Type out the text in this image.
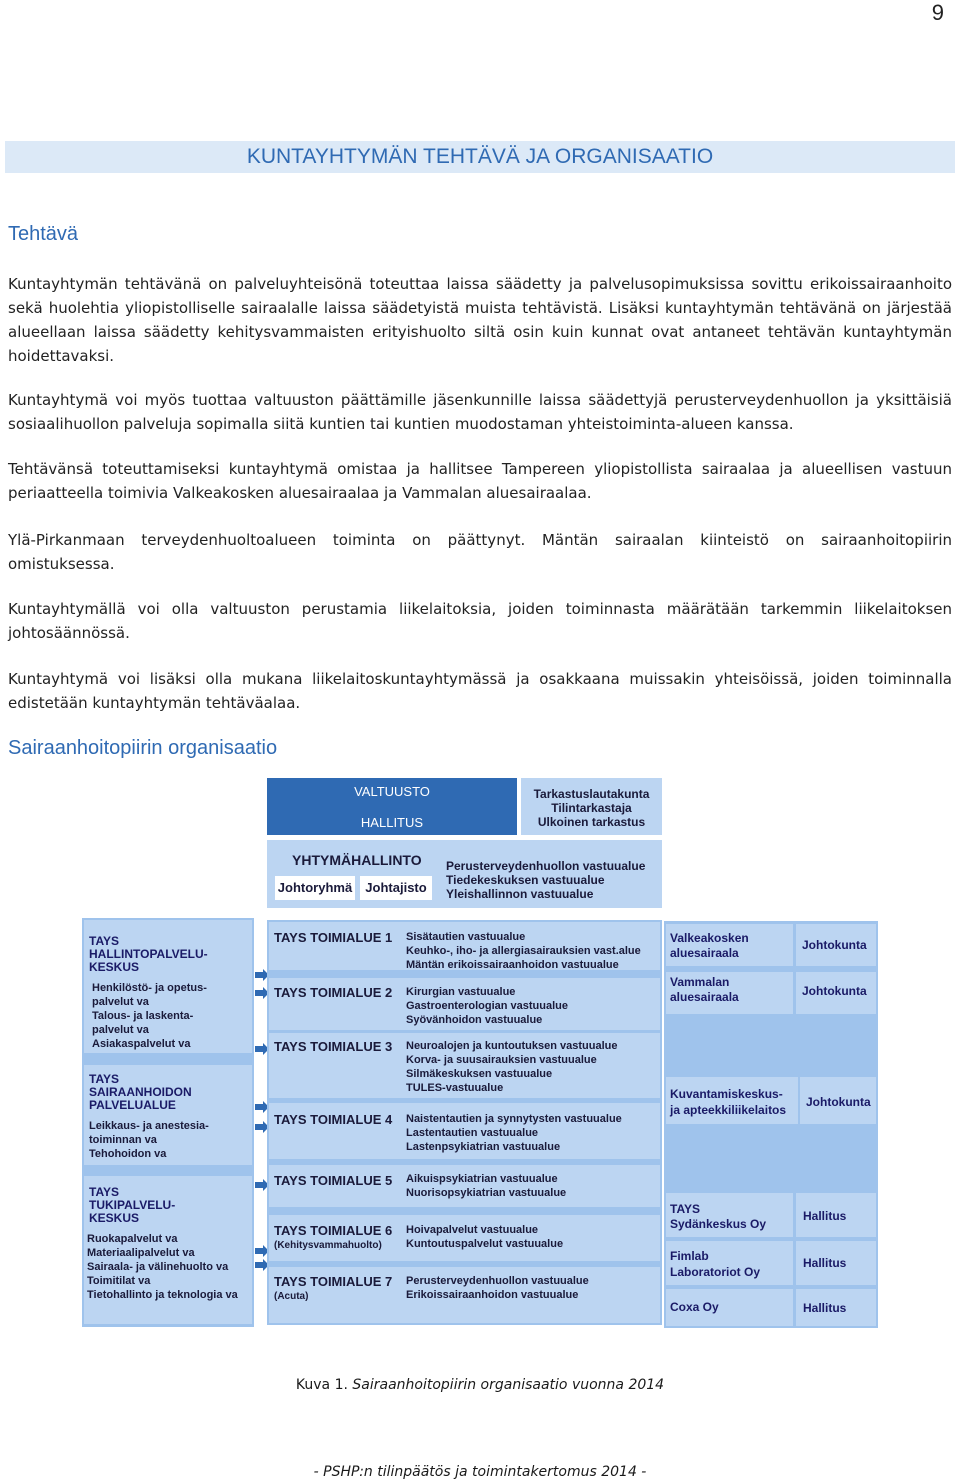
9
KUNTAYHTYMÄN TEHTÄVÄ JA ORGANISAATIO
Tehtävä
Kuntayhtymän tehtävänä on palveluyhteisönä toteuttaa laissa säädetty ja palvelusopimuksissa sovittu erikoissairaanhoito sekä huolehtia yliopistolliselle sairaalalle laissa säädetyistä muista tehtävistä. Lisäksi kuntayhtymän tehtävänä on järjestää alueellaan laissa säädetty kehitysvammaisten erityishuolto siltä osin kuin kunnat ovat antaneet tehtävän kuntayhtymän hoidettavaksi.
Kuntayhtymä voi myös tuottaa valtuuston päättämille jäsenkunnille laissa säädettyjä perusterveydenhuollon ja yksittäisiä sosiaalihuollon palveluja sopimalla siitä kuntien tai kuntien muodostaman yhteistoiminta-alueen kanssa.
Tehtävänsä toteuttamiseksi kuntayhtymä omistaa ja hallitsee Tampereen yliopistollista sairaalaa ja alueellisen vastuun periaatteella toimivia Valkeakosken aluesairaalaa ja Vammalan aluesairaalaa.
Ylä-Pirkanmaan terveydenhuoltoalueen toiminta on päättynyt. Mäntän sairaalan kiinteistö on sairaanhoitopiirin omistuksessa.
Kuntayhtymällä voi olla valtuuston perustamia liikelaitoksia, joiden toiminnasta määrätään tarkemmin liikelaitoksen johtosäännössä.
Kuntayhtymä voi lisäksi olla mukana liikelaitoskuntayhtymässä ja osakkaana muissakin yhteisöissä, joiden toiminnalla edistetään kuntayhtymän tehtäväalaa.
Sairaanhoitopiirin organisaatio
VALTUUSTO
HALLITUS
Tarkastuslautakunta
Tilintarkastaja
Ulkoinen tarkastus
YHTYMÄHALLINTO
Johtoryhmä	Johtajisto
Perusterveydenhuollon vastuualue
Tiedekeskuksen vastuualue
Yleishallinnon vastuualue
TAYS
HALLINTOPALVELU-
KESKUS
Henkilöstö- ja opetus-
palvelut va
Talous- ja laskenta-
palvelut va
Asiakaspalvelut va
TAYS
SAIRAANHOIDON
PALVELUALUE
Leikkaus- ja anestesia-
toiminnan va
Tehohoidon va
TAYS
TUKIPALVELU-
KESKUS
Ruokapalvelut va
Materiaalipalvelut va
Sairaala- ja välinehuolto va
Toimitilat va
Tietohallinto ja teknologia va
TAYS TOIMIALUE 1 Sisätautien vastuualue
Keuhko-, iho- ja allergiasairauksien vast.alue
Mäntän erikoissairaanhoidon vastuualue
TAYS TOIMIALUE 2 Kirurgian vastuualue
Gastroenterologian vastuualue
Syövänhoidon vastuualue
TAYS TOIMIALUE 3 Neuroalojen ja kuntoutuksen vastuualue
Korva- ja suusairauksien vastuualue
Silmäkeskuksen vastuualue
TULES-vastuualue
TAYS TOIMIALUE 4 Naistentautien ja synnytysten vastuualue
Lastentautien vastuualue
Lastenpsykiatrian vastuualue
TAYS TOIMIALUE 5 Aikuispsykiatrian vastuualue
Nuorisopsykiatrian vastuualue
TAYS TOIMIALUE 6
(Kehitysvammahuolto)
Hoivapalvelut vastuualue
Kuntoutuspalvelut vastuualue
TAYS TOIMIALUE 7
(Acuta)
Perusterveydenhuollon vastuualue
Erikoissairaanhoidon vastuualue
Valkeakosken
aluesairaala
Johtokunta
Vammalan
aluesairaala	Johtokunta
Kuvantamiskeskus-
ja apteekkiliikelaitos
Johtokunta
TAYS
Sydänkeskus Oy
Hallitus
Fimlab
Laboratoriot Oy
Hallitus
Coxa Oy	Hallitus
Kuva 1. Sairaanhoitopiirin organisaatio vuonna 2014
- PSHP:n tilinpäätös ja toimintakertomus 2014 -
